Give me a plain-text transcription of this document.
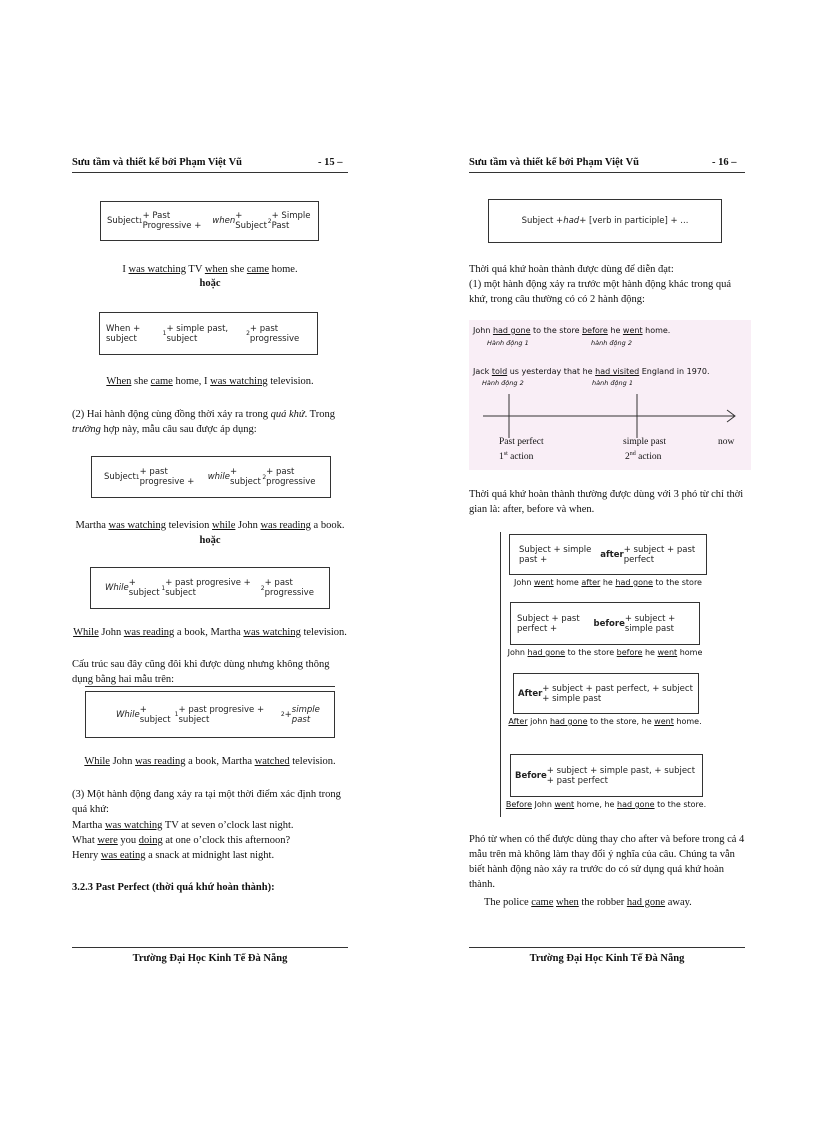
Sưu tầm và thiết kế bởi Phạm Việt Vũ	- 15 –
Subject 1 + Past Progressive +	when + Subject 2 + Simple Past
I was watching TV when she came home.
hoặc
When + subject	1 + simple past, subject	2 + past progressive
When she came home, I was watching television.
(2) Hai hành động cùng đồng thời xảy ra trong quá khứ. Trong trường hợp này, mẫu câu sau được áp dụng:
Subject 1 + past progresive +	while + subject 2 + past progressive
Martha was watching television while John was reading a book.
hoặc
While + subject 1 + past progresive + subject	2 + past progressive
While John was reading a book, Martha was watching television.
Cấu trúc sau đây cũng đôi khi được dùng nhưng không thông dụng bằng hai mẫu trên:
While + subject 1 + past progresive + subject	2 + simple past
While John was reading a book, Martha watched television.
(3) Một hành động đang xảy ra tại một thời điểm xác định trong quá khứ:
Martha was watching TV at seven o’clock last night.
What were you doing at one o’clock this afternoon?
Henry was eating a snack at midnight last night.
3.2.3 Past Perfect (thời quá khứ hoàn thành):
Trường Đại Học Kinh Tế Đà Nẵng
Sưu tầm và thiết kế bởi Phạm Việt Vũ	- 16 –
Subject + had + [verb in participle] + ...
Thời quá khứ hoàn thành được dùng để diễn đạt:
(1) một hành động xảy ra trước một hành động khác trong quá khứ, trong câu thường có có 2 hành động:
John had gone to the store before he went home.
Hành động 1	hành động 2
Jack told us yesterday that he had visited England in 1970.
Hành động 2	hành động 1
Past perfect
1st action
simple past
2nd action
now
Thời quá khứ hoàn thành thường được dùng với 3 phó từ chỉ thời gian là: after, before và when.
Subject + simple past +	after + subject + past perfect
John went home after he had gone to the store
Subject + past perfect +	before + subject + simple past
John had gone to the store before he went home
After + subject + past perfect, + subject + simple past
After john had gone to the store, he went home.
Before + subject + simple past, + subject + past perfect
Before John went home, he had gone to the store.
Phó từ when có thể được dùng thay cho after và before trong cả 4 mẫu trên mà không làm thay đổi ý nghĩa của câu. Chúng ta vẫn biết hành động nào xảy ra trước do có sử dụng quá khứ hoàn thành.
The police came when the robber had gone away.
Trường Đại Học Kinh Tế Đà Nẵng
